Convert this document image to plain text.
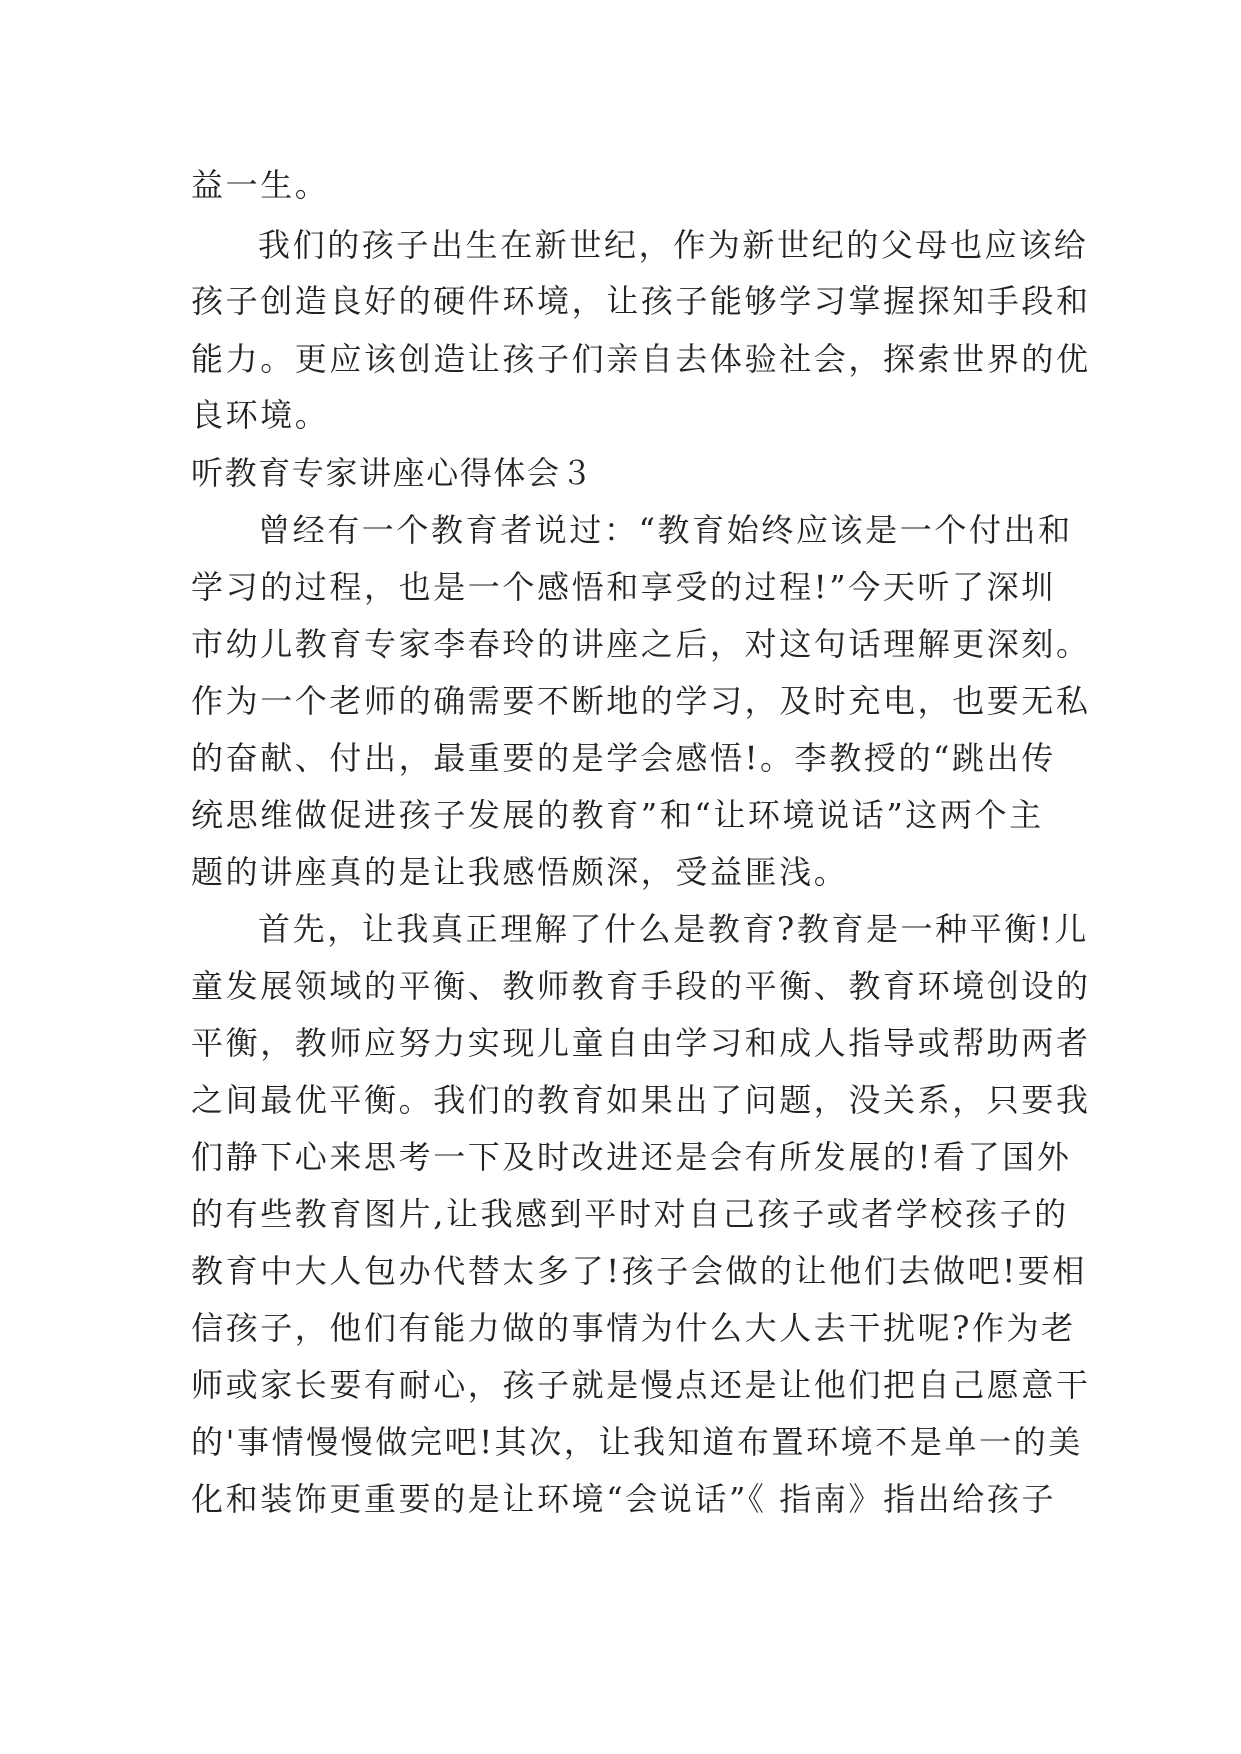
益一生。
我们的孩子出生在新世纪，作为新世纪的父母也应该给
孩子创造良好的硬件环境，让孩子能够学习掌握探知手段和
能力。更应该创造让孩子们亲自去体验社会，探索世界的优
良环境。
听教育专家讲座心得体会３
曾经有一个教育者说过：“教育始终应该是一个付出和
学习的过程，也是一个感悟和享受的过程!”今天听了深圳
市幼儿教育专家李春玲的讲座之后，对这句话理解更深刻。
作为一个老师的确需要不断地的学习，及时充电，也要无私
的奋献、付出，最重要的是学会感悟!。李教授的“跳出传
统思维做促进孩子发展的教育”和“让环境说话”这两个主
题的讲座真的是让我感悟颇深，受益匪浅。
首先，让我真正理解了什么是教育?教育是一种平衡!儿
童发展领域的平衡、教师教育手段的平衡、教育环境创设的
平衡，教师应努力实现儿童自由学习和成人指导或帮助两者
之间最优平衡。我们的教育如果出了问题，没关系，只要我
们静下心来思考一下及时改进还是会有所发展的!看了国外
的有些教育图片,让我感到平时对自己孩子或者学校孩子的
教育中大人包办代替太多了!孩子会做的让他们去做吧!要相
信孩子，他们有能力做的事情为什么大人去干扰呢?作为老
师或家长要有耐心，孩子就是慢点还是让他们把自己愿意干
的'事情慢慢做完吧!其次，让我知道布置环境不是单一的美
化和装饰更重要的是让环境“会说话”《 指南》指出给孩子
